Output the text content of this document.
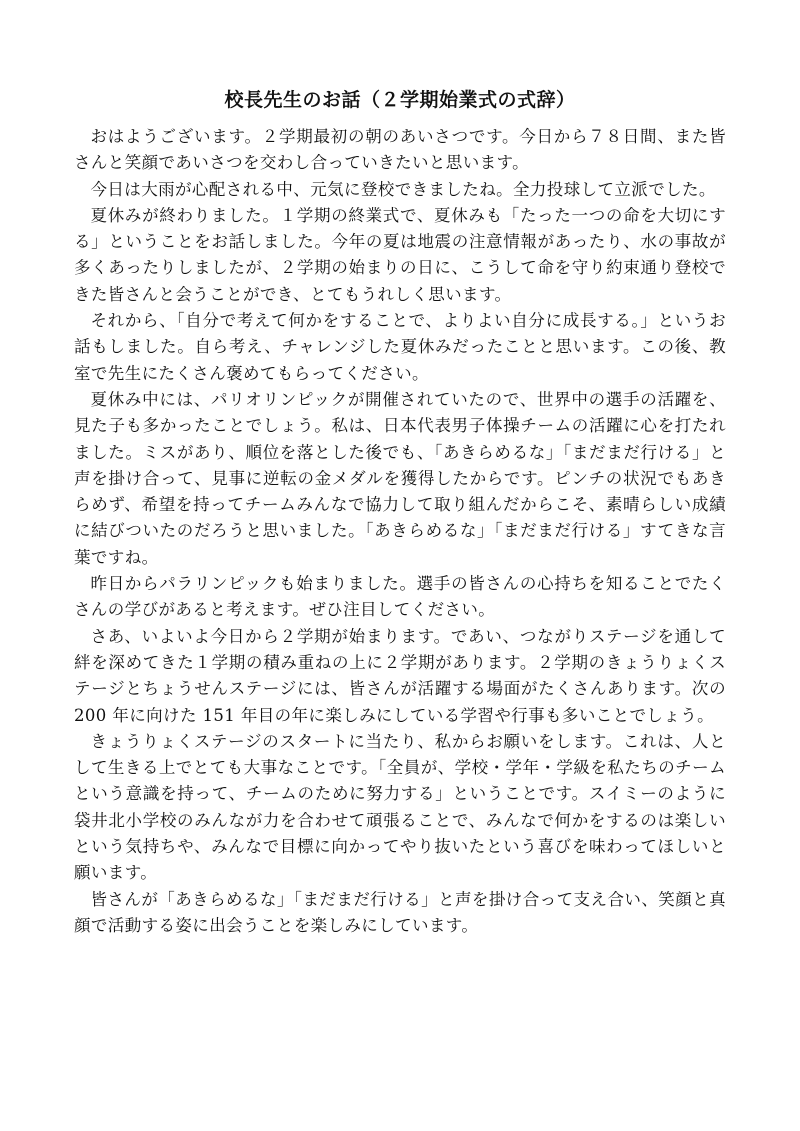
校長先生のお話（２学期始業式の式辞）

おはようございます。２学期最初の朝のあいさつです。今日から７８日間、また皆さんと笑顔であいさつを交わし合っていきたいと思います。

今日は大雨が心配される中、元気に登校できましたね。全力投球して立派でした。

夏休みが終わりました。１学期の終業式で、夏休みも「たった一つの命を大切にする」ということをお話しました。今年の夏は地震の注意情報があったり、水の事故が多くあったりしましたが、２学期の始まりの日に、こうして命を守り約束通り登校できた皆さんと会うことができ、とてもうれしく思います。

それから、「自分で考えて何かをすることで、よりよい自分に成長する。」というお話もしました。自ら考え、チャレンジした夏休みだったことと思います。この後、教室で先生にたくさん褒めてもらってください。

夏休み中には、パリオリンピックが開催されていたので、世界中の選手の活躍を、見た子も多かったことでしょう。私は、日本代表男子体操チームの活躍に心を打たれました。ミスがあり、順位を落とした後でも、「あきらめるな」「まだまだ行ける」と声を掛け合って、見事に逆転の金メダルを獲得したからです。ピンチの状況でもあきらめず、希望を持ってチームみんなで協力して取り組んだからこそ、素晴らしい成績に結びついたのだろうと思いました。「あきらめるな」「まだまだ行ける」すてきな言葉ですね。

昨日からパラリンピックも始まりました。選手の皆さんの心持ちを知ることでたくさんの学びがあると考えます。ぜひ注目してください。

さあ、いよいよ今日から２学期が始まります。であい、つながりステージを通して絆を深めてきた１学期の積み重ねの上に２学期があります。２学期のきょうりょくステージとちょうせんステージには、皆さんが活躍する場面がたくさんあります。次の 200 年に向けた 151 年目の年に楽しみにしている学習や行事も多いことでしょう。

きょうりょくステージのスタートに当たり、私からお願いをします。これは、人として生きる上でとても大事なことです。「全員が、学校・学年・学級を私たちのチームという意識を持って、チームのために努力する」ということです。スイミーのように袋井北小学校のみんなが力を合わせて頑張ることで、みんなで何かをするのは楽しいという気持ちや、みんなで目標に向かってやり抜いたという喜びを味わってほしいと願います。

皆さんが「あきらめるな」「まだまだ行ける」と声を掛け合って支え合い、笑顔と真顔で活動する姿に出会うことを楽しみにしています。
